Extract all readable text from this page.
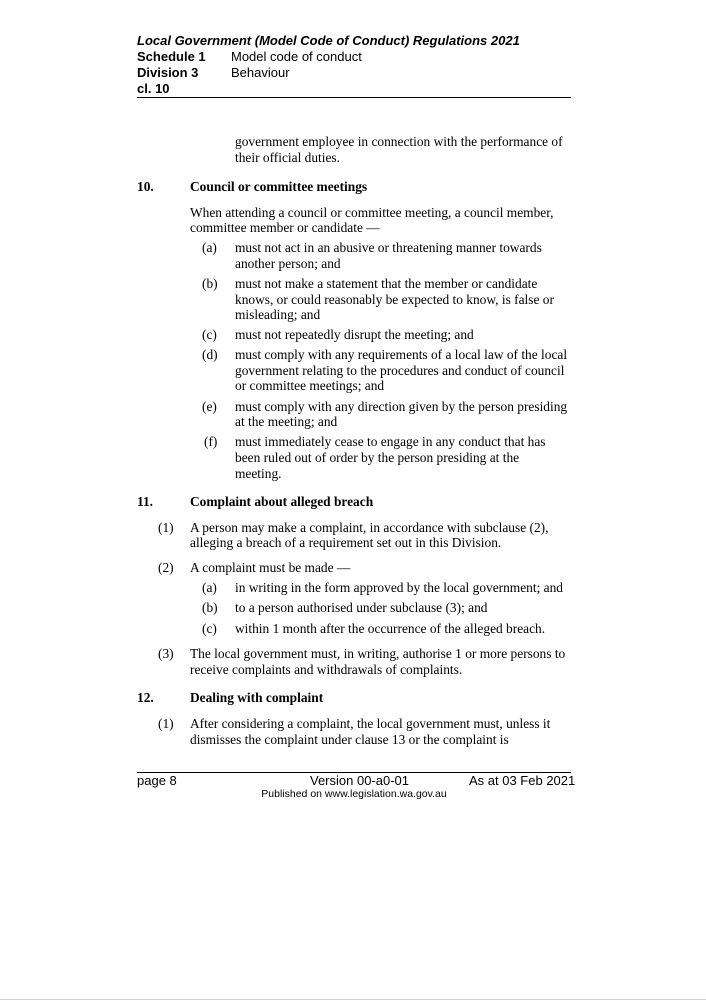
Local Government (Model Code of Conduct) Regulations 2021
Schedule 1 Model code of conduct
Division 3	Behaviour
cl. 10
government employee in connection with the performance of
their official duties.
10.	Council or committee meetings
When attending a council or committee meeting, a council member,
committee member or candidate —
(a) must not act in an abusive or threatening manner towards
another person; and
(b) must not make a statement that the member or candidate
knows, or could reasonably be expected to know, is false or
misleading; and
(c) must not repeatedly disrupt the meeting; and
(d) must comply with any requirements of a local law of the local
government relating to the procedures and conduct of council
or committee meetings; and
(e) must comply with any direction given by the person presiding
at the meeting; and
(f) must immediately cease to engage in any conduct that has
been ruled out of order by the person presiding at the
meeting.
11.	Complaint about alleged breach
(1) A person may make a complaint, in accordance with subclause (2),
alleging a breach of a requirement set out in this Division.
(2) A complaint must be made —
(a) in writing in the form approved by the local government; and
(b) to a person authorised under subclause (3); and
(c) within 1 month after the occurrence of the alleged breach.
(3) The local government must, in writing, authorise 1 or more persons to
receive complaints and withdrawals of complaints.
12.	Dealing with complaint
(1) After considering a complaint, the local government must, unless it
dismisses the complaint under clause 13 or the complaint is
page 8	Version 00-a0-01	As at 03 Feb 2021
Published on www.legislation.wa.gov.au
